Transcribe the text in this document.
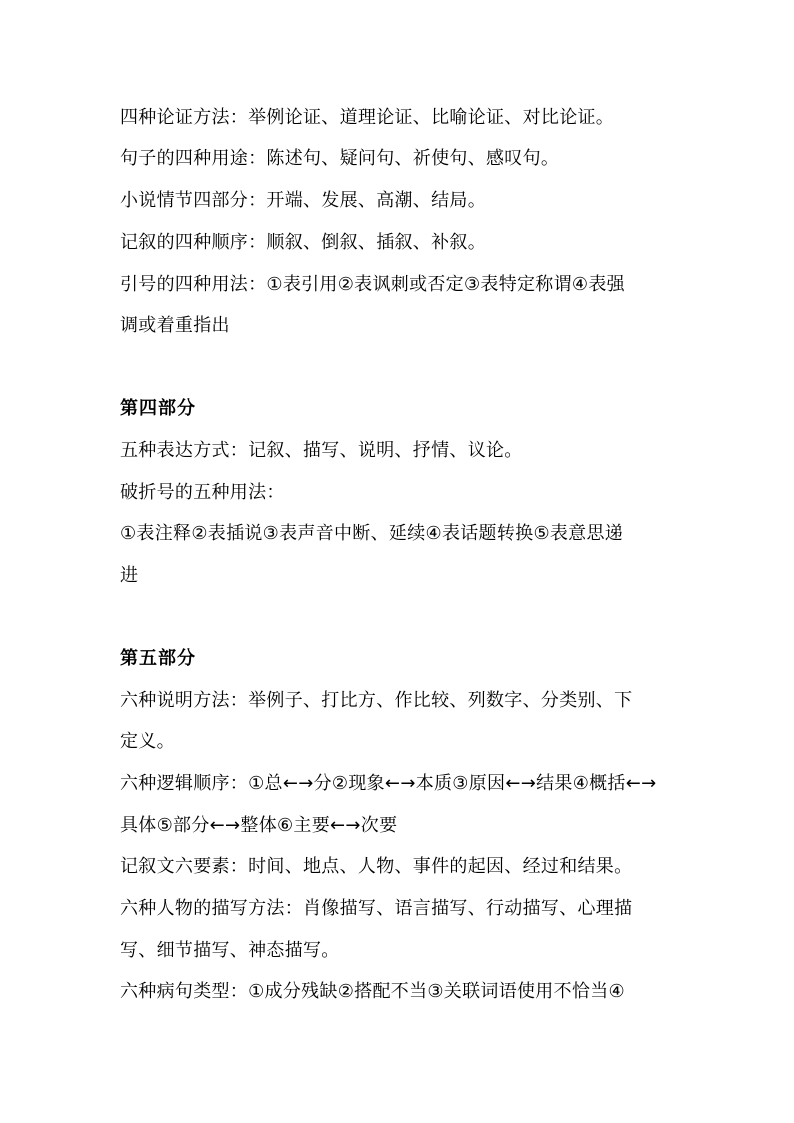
四种论证方法：举例论证、道理论证、比喻论证、对比论证。
句子的四种用途：陈述句、疑问句、祈使句、感叹句。
小说情节四部分：开端、发展、高潮、结局。
记叙的四种顺序：顺叙、倒叙、插叙、补叙。
引号的四种用法：①表引用②表讽刺或否定③表特定称谓④表强
调或着重指出
第四部分
五种表达方式：记叙、描写、说明、抒情、议论。
破折号的五种用法：
①表注释②表插说③表声音中断、延续④表话题转换⑤表意思递
进
第五部分
六种说明方法：举例子、打比方、作比较、列数字、分类别、下
定义。
六种逻辑顺序：①总←→分②现象←→本质③原因←→结果④概括←→
具体⑤部分←→整体⑥主要←→次要
记叙文六要素：时间、地点、人物、事件的起因、经过和结果。
六种人物的描写方法：肖像描写、语言描写、行动描写、心理描
写、细节描写、神态描写。
六种病句类型：①成分残缺②搭配不当③关联词语使用不恰当④
